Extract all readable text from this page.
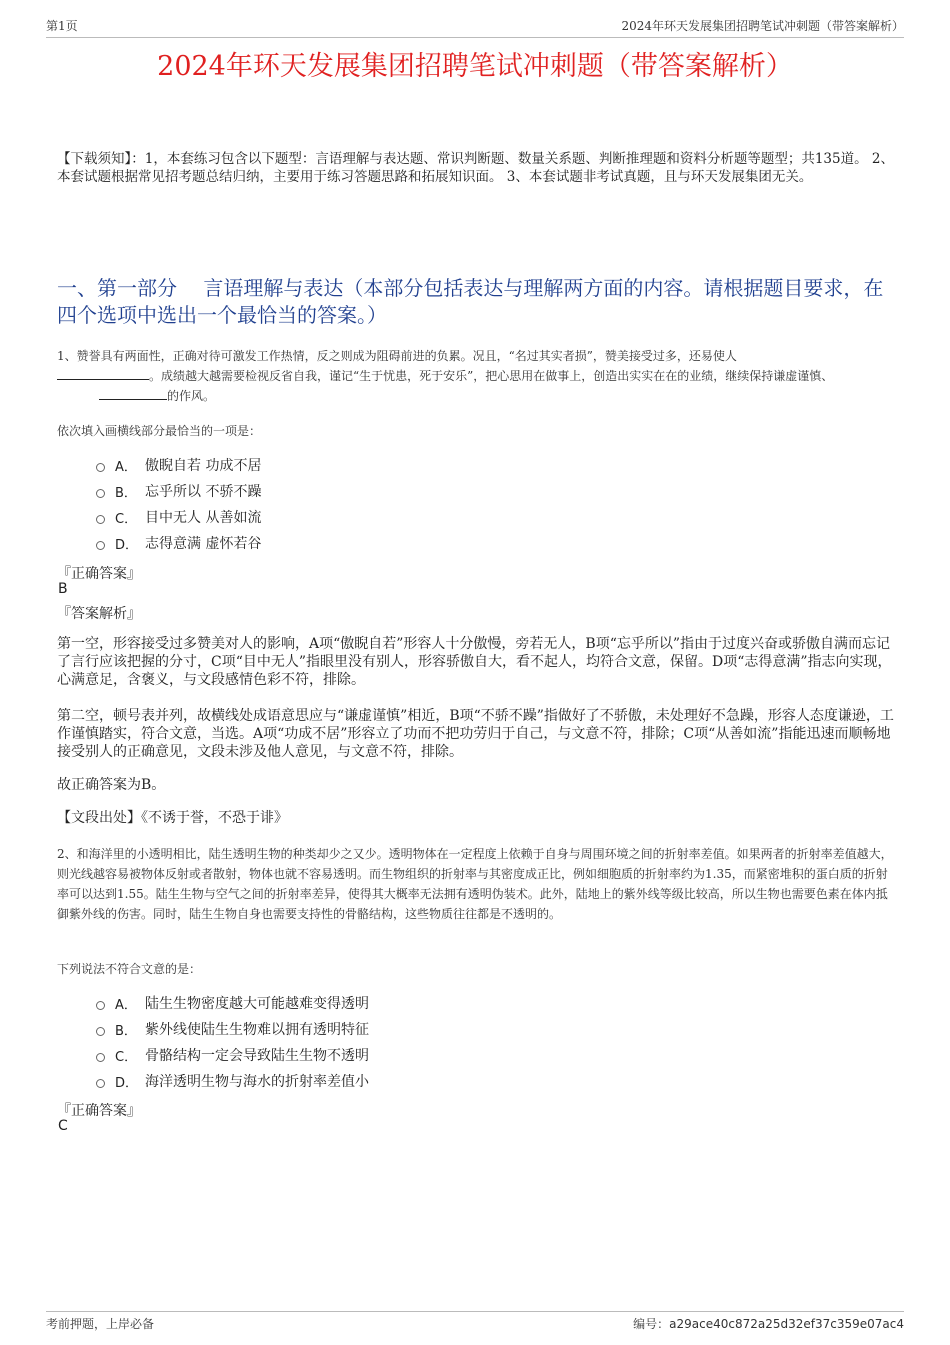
第1页	2024年环天发展集团招聘笔试冲刺题（带答案解析）
2024年环天发展集团招聘笔试冲刺题（带答案解析）
【下载须知】：1，本套练习包含以下题型：言语理解与表达题、常识判断题、数量关系题、判断推理题和资料分析题等题型；共135道。 2、本套试题根据常见招考题总结归纳，主要用于练习答题思路和拓展知识面。 3、本套试题非考试真题，且与环天发展集团无关。
一、第一部分　 言语理解与表达（本部分包括表达与理解两方面的内容。请根据题目要求，在四个选项中选出一个最恰当的答案。）
1、赞誉具有两面性，正确对待可激发工作热情，反之则成为阻碍前进的负累。况且，“名过其实者损”，赞美接受过多，还易使人
。成绩越大越需要检视反省自我，谨记“生于忧患，死于安乐”，把心思用在做事上，创造出实实在在的业绩，继续保持谦虚谨慎、
的作风。
依次填入画横线部分最恰当的一项是：
A． 傲睨自若 功成不居
B． 忘乎所以 不骄不躁
C． 目中无人 从善如流
D． 志得意满 虚怀若谷
『正确答案』
B
『答案解析』
第一空，形容接受过多赞美对人的影响，A项“傲睨自若”形容人十分傲慢，旁若无人，B项“忘乎所以”指由于过度兴奋或骄傲自满而忘记了言行应该把握的分寸，C项“目中无人”指眼里没有别人，形容骄傲自大，看不起人，均符合文意，保留。D项“志得意满”指志向实现，心满意足，含褒义，与文段感情色彩不符，排除。
第二空，顿号表并列，故横线处成语意思应与“谦虚谨慎”相近，B项“不骄不躁”指做好了不骄傲，未处理好不急躁，形容人态度谦逊，工作谨慎踏实，符合文意，当选。A项“功成不居”形容立了功而不把功劳归于自己，与文意不符，排除；C项“从善如流”指能迅速而顺畅地接受别人的正确意见，文段未涉及他人意见，与文意不符，排除。
故正确答案为B。
【文段出处】《不诱于誉，不恐于诽》
2、和海洋里的小透明相比，陆生透明生物的种类却少之又少。透明物体在一定程度上依赖于自身与周围环境之间的折射率差值。如果两者的折射率差值越大，则光线越容易被物体反射或者散射，物体也就不容易透明。而生物组织的折射率与其密度成正比，例如细胞质的折射率约为1.35，而紧密堆积的蛋白质的折射率可以达到1.55。陆生生物与空气之间的折射率差异，使得其大概率无法拥有透明伪装术。此外，陆地上的紫外线等级比较高，所以生物也需要色素在体内抵御紫外线的伤害。同时，陆生生物自身也需要支持性的骨骼结构，这些物质往往都是不透明的。
下列说法不符合文意的是：
A． 陆生生物密度越大可能越难变得透明
B． 紫外线使陆生生物难以拥有透明特征
C． 骨骼结构一定会导致陆生生物不透明
D． 海洋透明生物与海水的折射率差值小
『正确答案』
C
考前押题，上岸必备	编号：a29ace40c872a25d32ef37c359e07ac4
